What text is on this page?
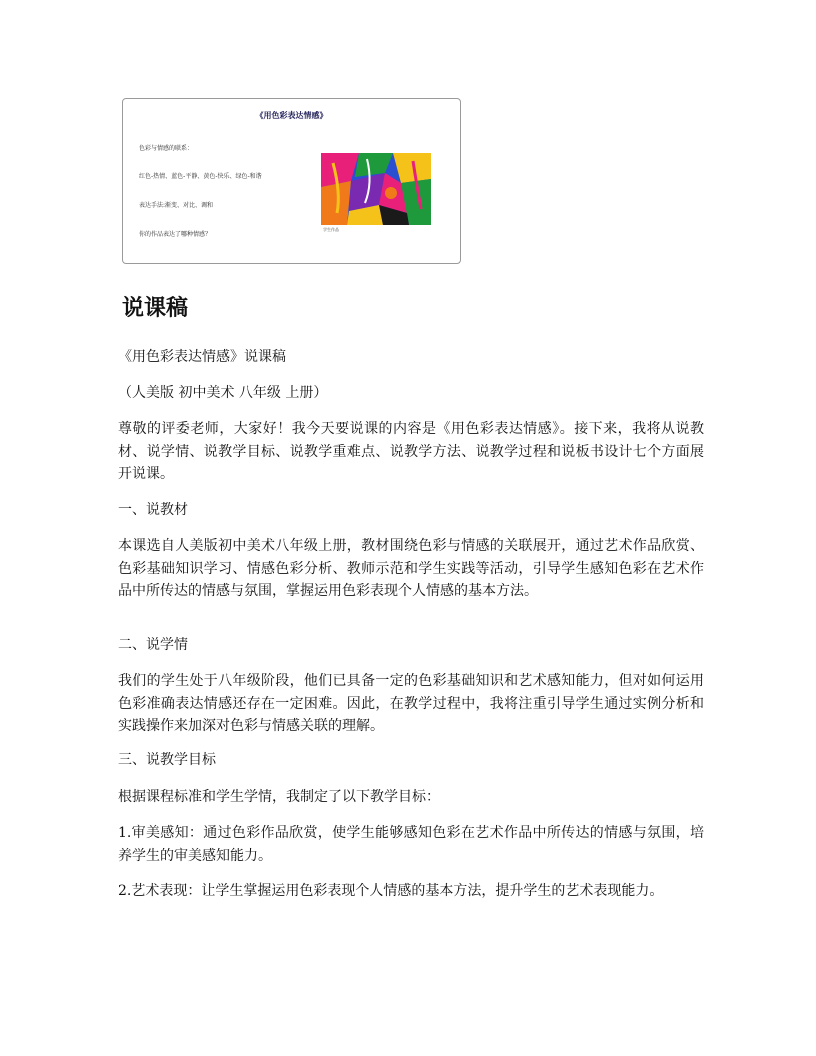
《用色彩表达情感》
色彩与情感的联系：
红色-热情、蓝色-平静、黄色-快乐、绿色-和谐
表达手法:渐变、对比、调和
你的作品表达了哪种情感？
学生作品
说课稿

《用色彩表达情感》说课稿

（人美版 初中美术 八年级 上册）

尊敬的评委老师，大家好！我今天要说课的内容是《用色彩表达情感》。接下来，我将从说教材、说学情、说教学目标、说教学重难点、说教学方法、说教学过程和说板书设计七个方面展开说课。

一、说教材

本课选自人美版初中美术八年级上册，教材围绕色彩与情感的关联展开，通过艺术作品欣赏、色彩基础知识学习、情感色彩分析、教师示范和学生实践等活动，引导学生感知色彩在艺术作品中所传达的情感与氛围，掌握运用色彩表现个人情感的基本方法。

二、说学情

我们的学生处于八年级阶段，他们已具备一定的色彩基础知识和艺术感知能力，但对如何运用色彩准确表达情感还存在一定困难。因此，在教学过程中，我将注重引导学生通过实例分析和实践操作来加深对色彩与情感关联的理解。

三、说教学目标

根据课程标准和学生学情，我制定了以下教学目标：

1.审美感知：通过色彩作品欣赏，使学生能够感知色彩在艺术作品中所传达的情感与氛围，培养学生的审美感知能力。

2.艺术表现：让学生掌握运用色彩表现个人情感的基本方法，提升学生的艺术表现能力。
